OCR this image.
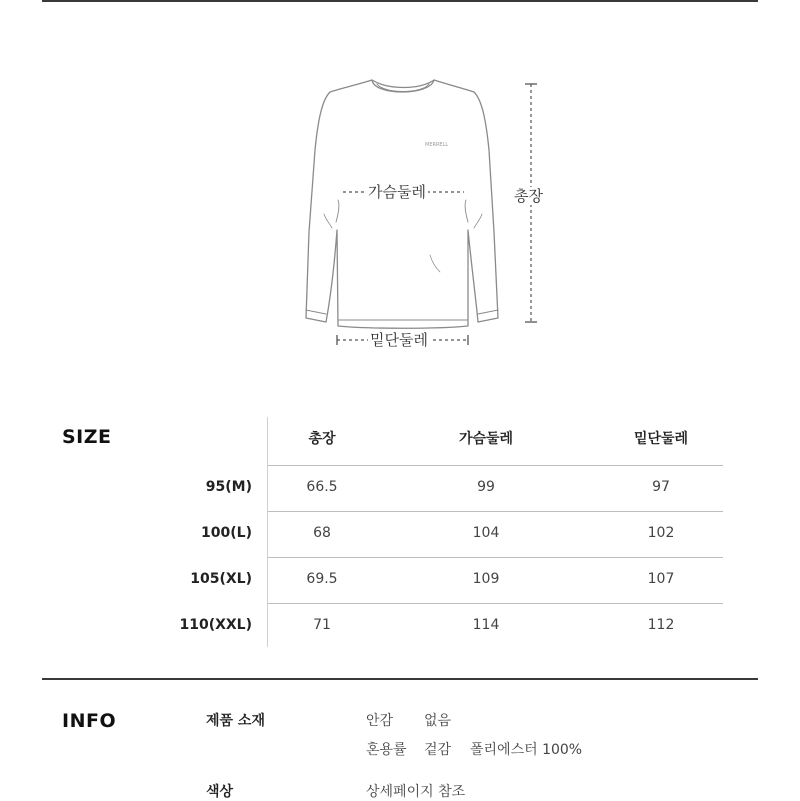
MERRELL
가슴둘레
밑단둘레
총장
SIZE	총장	가슴둘레	밑단둘레
95(M)	66.5	99	97
100(L)	68	104	102
105(XL)	69.5	109	107
110(XXL)	71	114	112
INFO	제품 소재	안감 없음
혼용률 겉감 폴리에스터 100%
색상	상세페이지 참조
